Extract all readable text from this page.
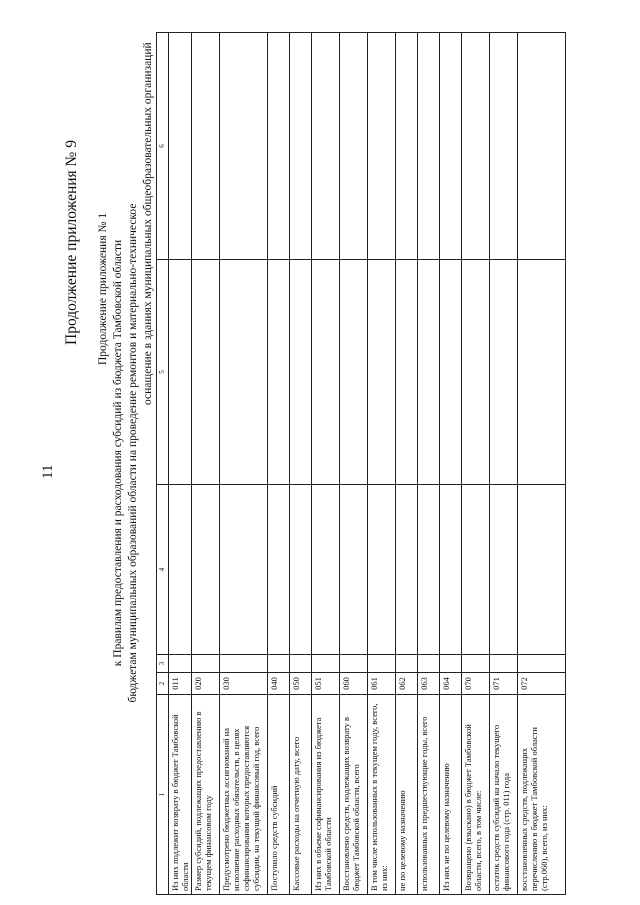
11
Продолжение приложения № 9 Продолжение приложения № 1 к Правилам предоставления и расходования субсидий из бюджета Тамбовской области бюджетам муниципальных образований области на проведение ремонтов и материально-техническое оснащение в зданиях муниципальных общеобразовательных организаций
1	2	3	4	5	6
Из них подлежит возврату в бюджет Тамбовской области	011				
Размер субсидий, подлежащих предоставлению в текущем финансовом году	020				
Предусмотрено бюджетных ассигнований на исполнение расходных обязательств, в целях софинансирования которых предоставляются субсидии, на текущий финансовый год, всего	030				
Поступило средств субсидий	040				
Кассовые расходы на отчетную дату, всего	050				
Из них в объеме софинансирования из бюджета Тамбовской области	051				
Восстановлено средств, подлежащих возврату в бюджет Тамбовской области, всего	060				
В том числе использованных в текущем году, всего, из них:	061				
не по целевому назначению	062				
использованных в предшествующие годы, всего	063				
Из них не по целевому назначению	064				
Возвращено (взыскано) в бюджет Тамбовской области, всего, в том числе:	070				
остаток средств субсидий на начало текущего финансового года (стр. 011) года	071				
восстановленных средств, подлежащих перечислению в бюджет Тамбовской области (стр.060), всего, из них:	072				
